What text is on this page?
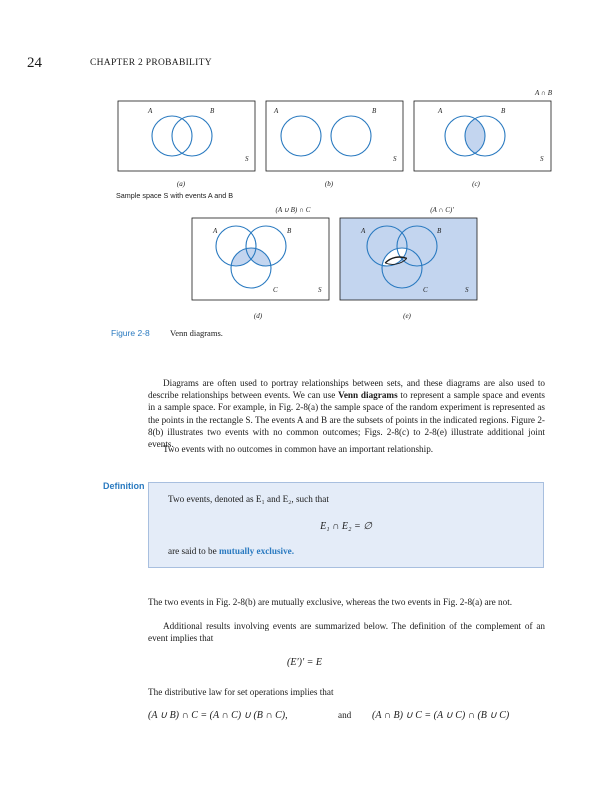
24	CHAPTER 2 PROBABILITY
A	B
S
(a)
A	B
S
(b)
A	B
S
A ∩ B
(c)
Sample space S with events A and B
A	B
C	S
(A ∪ B) ∩ C
(d)
A	B
C	S
(A ∩ C)′
(e)
Figure 2-8 Venn diagrams.
Diagrams are often used to portray relationships between sets, and these diagrams are also used to describe relationships between events. We can use Venn diagrams to represent a sample space and events in a sample space. For example, in Fig. 2-8(a) the sample space of the random experiment is represented as the points in the rectangle S. The events A and B are the subsets of points in the indicated regions. Figure 2-8(b) illustrates two events with no common outcomes; Figs. 2-8(c) to 2-8(e) illustrate additional joint events.
Two events with no outcomes in common have an important relationship.
Definition
Two events, denoted as E₁ and E₂, such that
E₁ ∩ E₂ = ∅
are said to be mutually exclusive.
The two events in Fig. 2-8(b) are mutually exclusive, whereas the two events in Fig. 2-8(a) are not.
Additional results involving events are summarized below. The definition of the complement of an event implies that
(E′)′ = E
The distributive law for set operations implies that
(A ∪ B) ∩ C = (A ∩ C) ∪ (B ∩ C),	and (A ∩ B) ∪ C = (A ∪ C) ∩ (B ∪ C)
